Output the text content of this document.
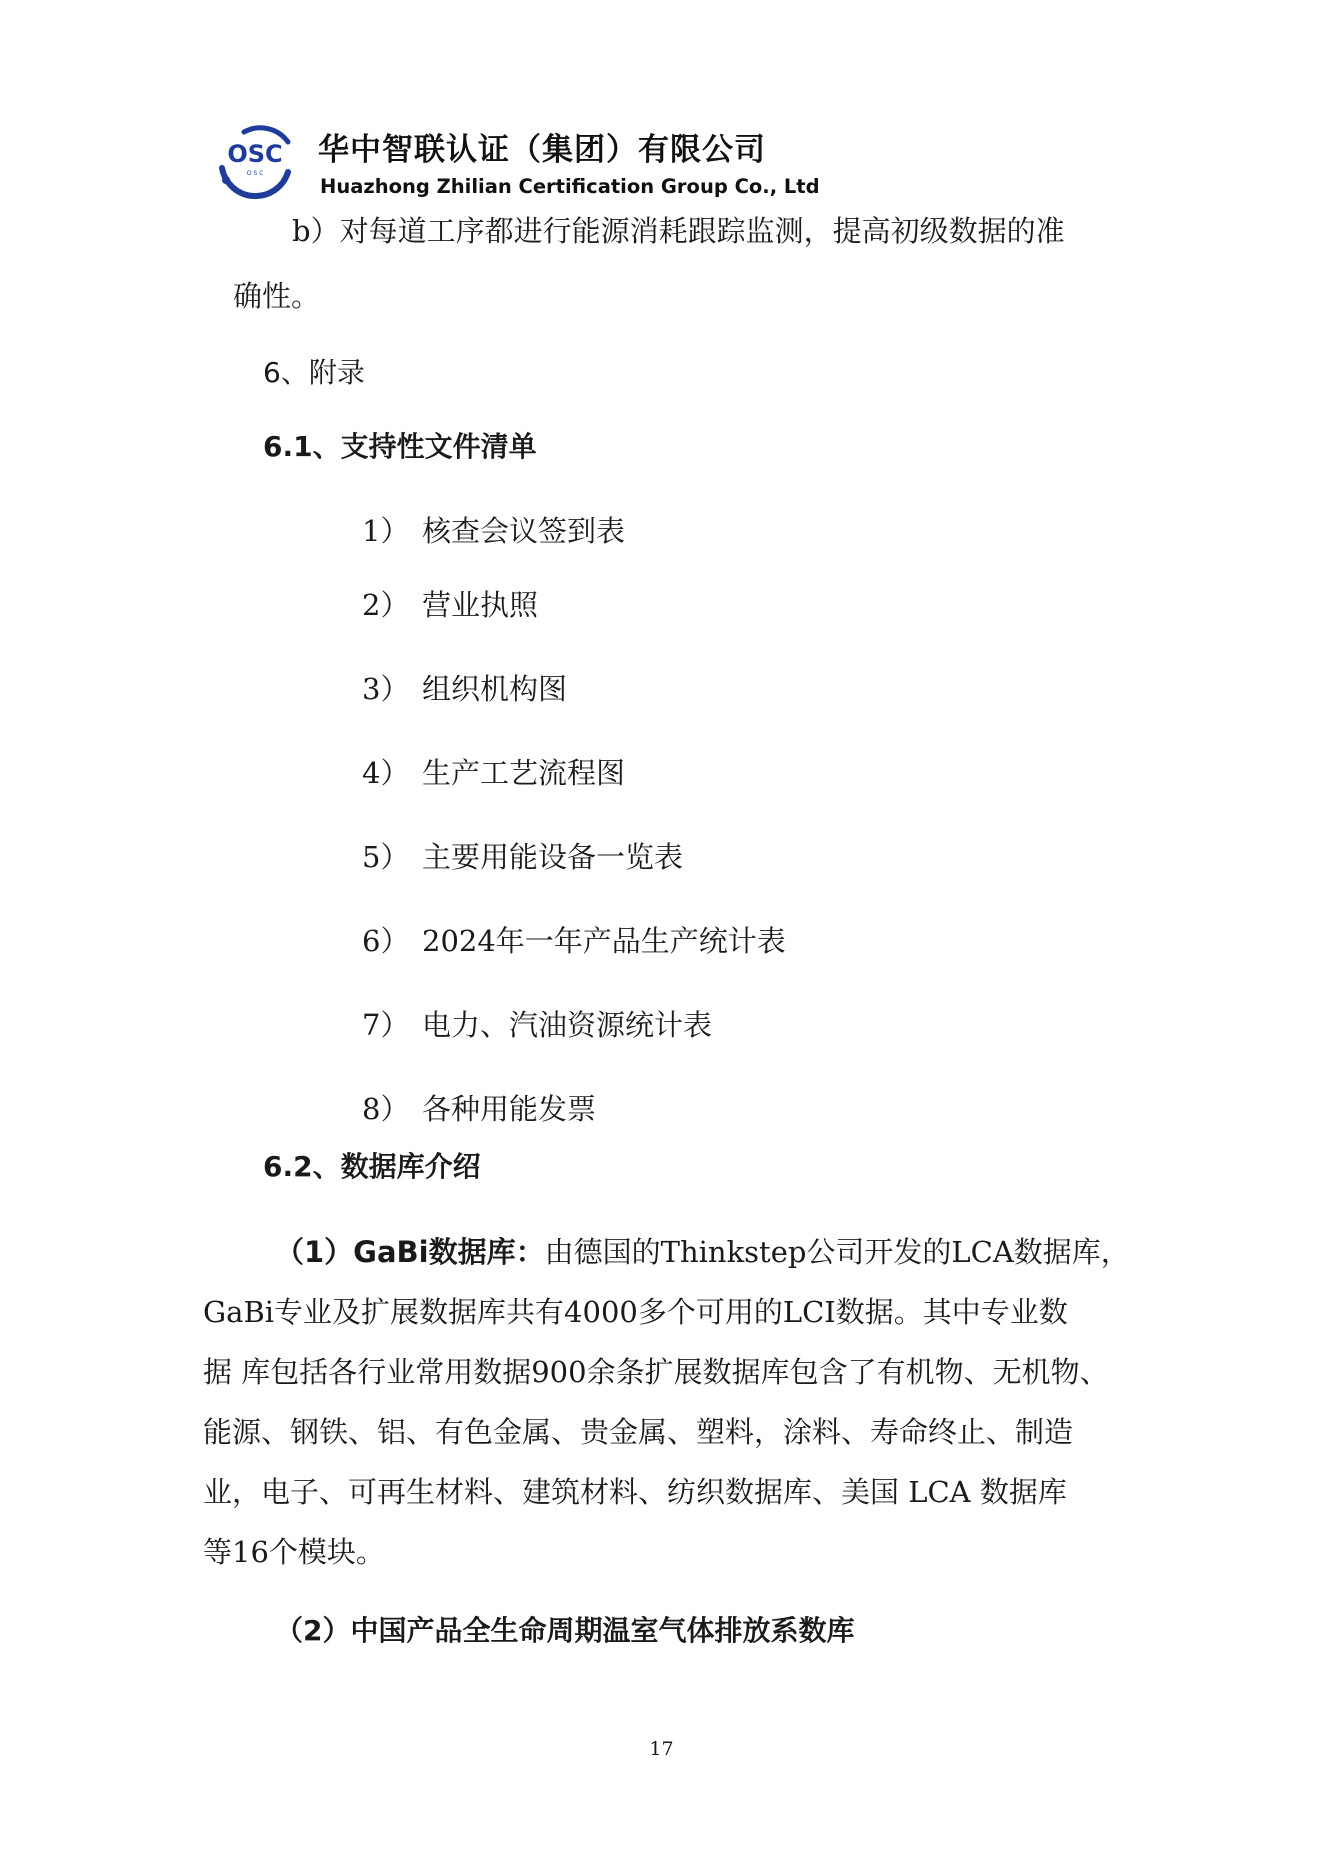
OSC
O S C
华中智联认证（集团）有限公司
Huazhong Zhilian Certification Group Co., Ltd
b）对每道工序都进行能源消耗跟踪监测，提高初级数据的准
确性。
6、附录
6.1、支持性文件清单
1） 核查会议签到表
2） 营业执照
3） 组织机构图
4） 生产工艺流程图
5） 主要用能设备一览表
6） 2024年一年产品生产统计表
7） 电力、汽油资源统计表
8） 各种用能发票
6.2、数据库介绍
（1）GaBi数据库：由德国的Thinkstep公司开发的LCA数据库，
GaBi专业及扩展数据库共有4000多个可用的LCI数据。其中专业数
据 库包括各行业常用数据900余条扩展数据库包含了有机物、无机物、
能源、钢铁、铝、有色金属、贵金属、塑料，涂料、寿命终止、制造
业，电子、可再生材料、建筑材料、纺织数据库、美国 LCA 数据库
等16个模块。
（2）中国产品全生命周期温室气体排放系数库
17
